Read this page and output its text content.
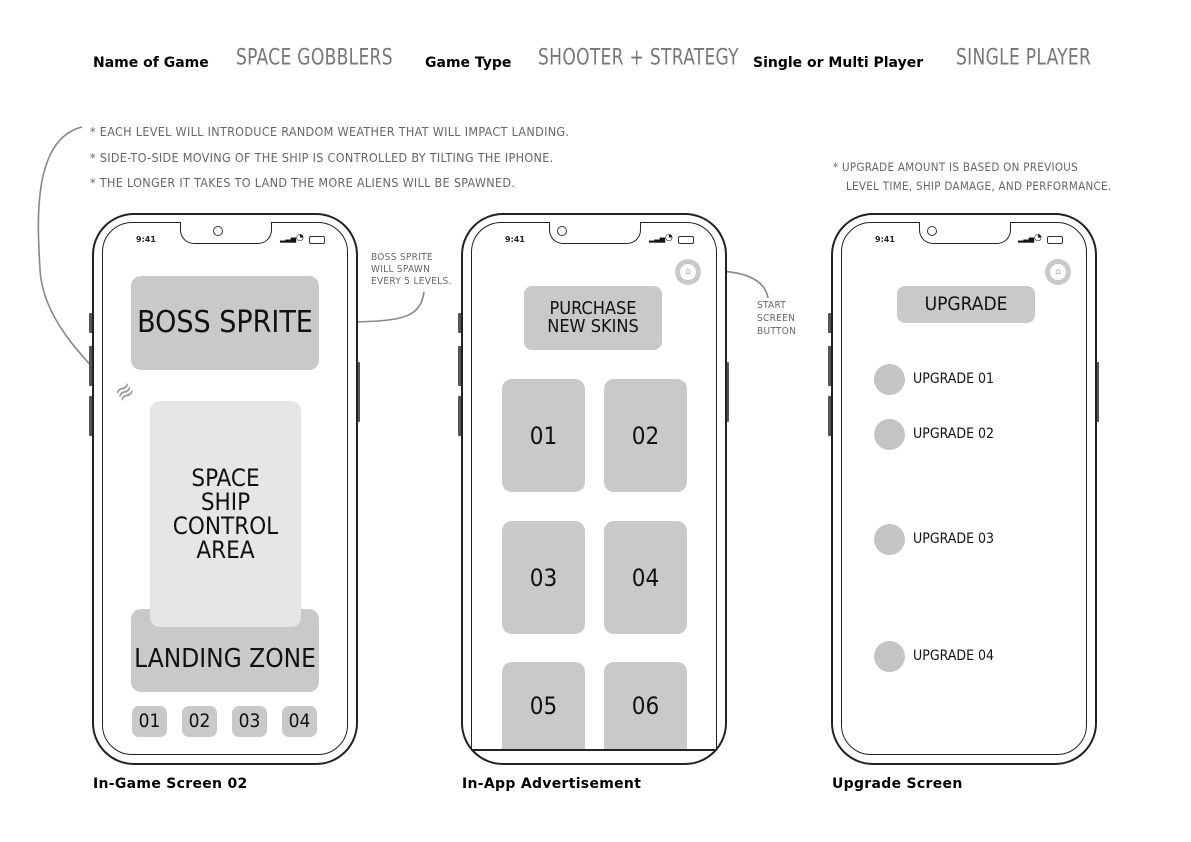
Name of Game SPACE GOBBLERS Game Type SHOOTER + STRATEGY Single or Multi Player SINGLE PLAYER
* EACH LEVEL WILL INTRODUCE RANDOM WEATHER THAT WILL IMPACT LANDING.
* SIDE-TO-SIDE MOVING OF THE SHIP IS CONTROLLED BY TILTING THE IPHONE.
* THE LONGER IT TAKES TO LAND THE MORE ALIENS WILL BE SPAWNED.
BOSS SPRITE
WILL SPAWN
EVERY 5 LEVELS.
START
SCREEN
BUTTON
* UPGRADE AMOUNT IS BASED ON PREVIOUS
LEVEL TIME, SHIP DAMAGE, AND PERFORMANCE.
9:41	▂▃▅ ◔
BOSS SPRITE
≋
LANDING ZONE
SPACE
SHIP
CONTROL
AREA
01 02 03 04
In-Game Screen 02
9:41	▂▃▅ ◔
⌂
PURCHASE
NEW SKINS
01	02
03	04
05	06
In-App Advertisement
9:41	▂▃▅ ◔
⌂
UPGRADE
UPGRADE 01
UPGRADE 02
UPGRADE 03
UPGRADE 04
Upgrade Screen
